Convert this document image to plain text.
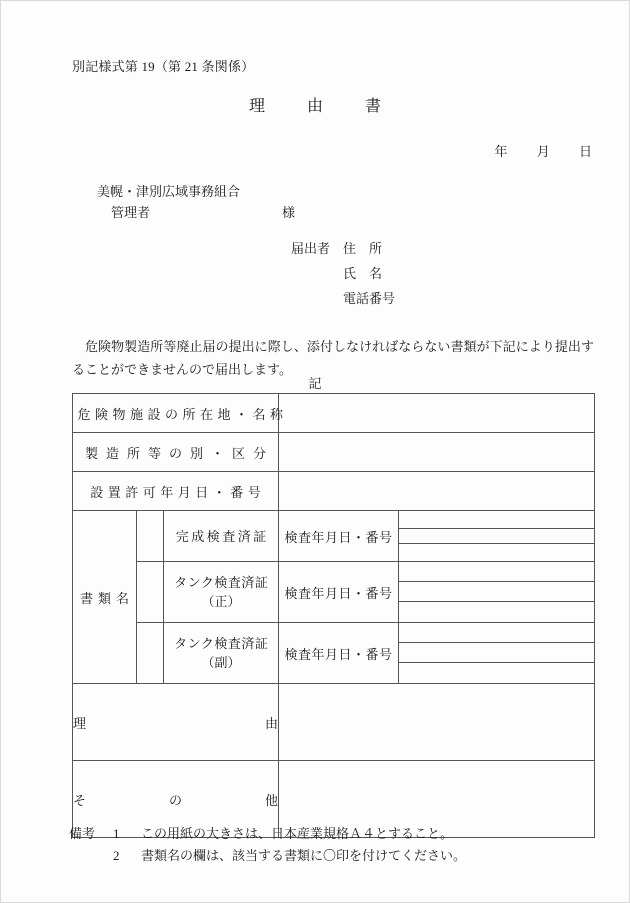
別記様式第 19（第 21 条関係）
理　由　書
年 月 日
美幌・津別広域事務組合
管理者	様
届出者 住　所
氏　名
電話番号
危険物製造所等廃止届の提出に際し、添付しなければならない書類が下記により提出することができませんので届出します。
記
危険物施設の所在地・名称				

製造所等の別・区分				

設置許可年月日・番号				

書類名		完成検査済証	検査年月日・番号	

		タンク検査済証
（正）	検査年月日・番号	

		タンク検査済証
（副）	検査年月日・番号	

理 由				

そ の 他				

備考 1 この用紙の大きさは、日本産業規格Ａ４とすること。
2 書類名の欄は、該当する書類に〇印を付けてください。
